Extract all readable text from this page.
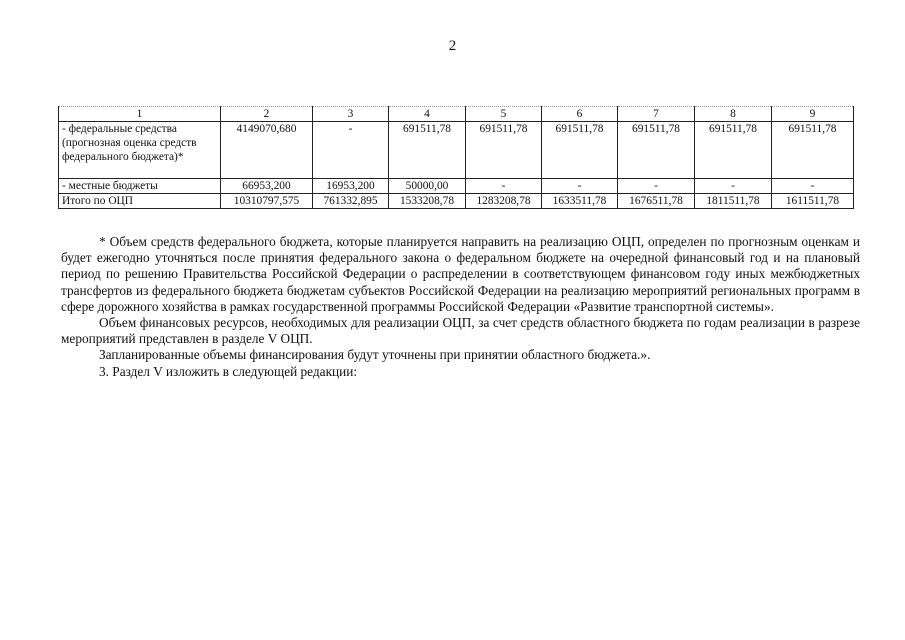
2
1	2	3	4	5	6	7	8	9
- федеральные средства (прогнозная оценка средств федерального бюджета)*	4149070,680	-	691511,78	691511,78	691511,78	691511,78	691511,78	691511,78
- местные бюджеты	66953,200	16953,200	50000,00	-	-	-	-	-
Итого по ОЦП	10310797,575	761332,895	1533208,78	1283208,78	1633511,78	1676511,78	1811511,78	1611511,78

* Объем средств федерального бюджета, которые планируется направить на реализацию ОЦП, определен по прогнозным оценкам и будет ежегодно уточняться после принятия федерального закона о федеральном бюджете на очередной финансовый год и на плановый период по решению Правительства Российской Федерации о распределении в соответствующем финансовом году иных межбюджетных трансфертов из федерального бюджета бюджетам субъектов Российской Федерации на реализацию мероприятий региональных программ в сфере дорожного хозяйства в рамках государственной программы Российской Федерации «Развитие транспортной системы».

Объем финансовых ресурсов, необходимых для реализации ОЦП, за счет средств областного бюджета по годам реализации в разрезе мероприятий представлен в разделе V ОЦП.

Запланированные объемы финансирования будут уточнены при принятии областного бюджета.».

3. Раздел V изложить в следующей редакции:
